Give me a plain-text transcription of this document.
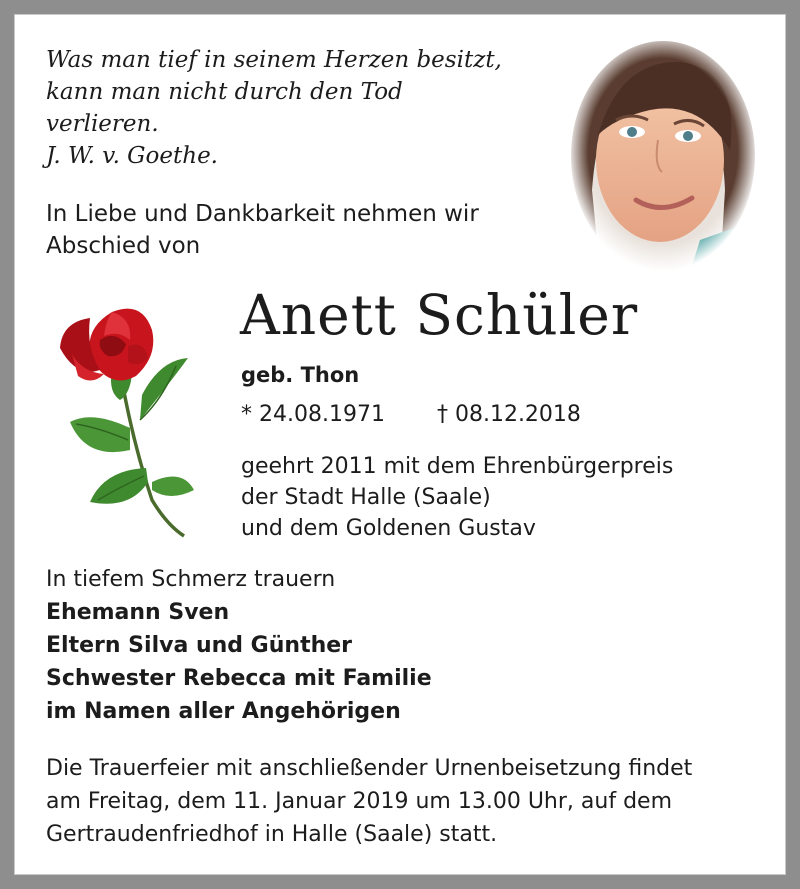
Was man tief in seinem Herzen besitzt,
kann man nicht durch den Tod
verlieren.
J. W. v. Goethe.
In Liebe und Dankbarkeit nehmen wir
Abschied von
Anett Schüler
geb. Thon
* 24.08.1971 † 08.12.2018
geehrt 2011 mit dem Ehrenbürgerpreis
der Stadt Halle (Saale)
und dem Goldenen Gustav
In tiefem Schmerz trauern
Ehemann Sven
Eltern Silva und Günther
Schwester Rebecca mit Familie
im Namen aller Angehörigen
Die Trauerfeier mit anschließender Urnenbeisetzung findet
am Freitag, dem 11. Januar 2019 um 13.00 Uhr, auf dem
Gertraudenfriedhof in Halle (Saale) statt.
